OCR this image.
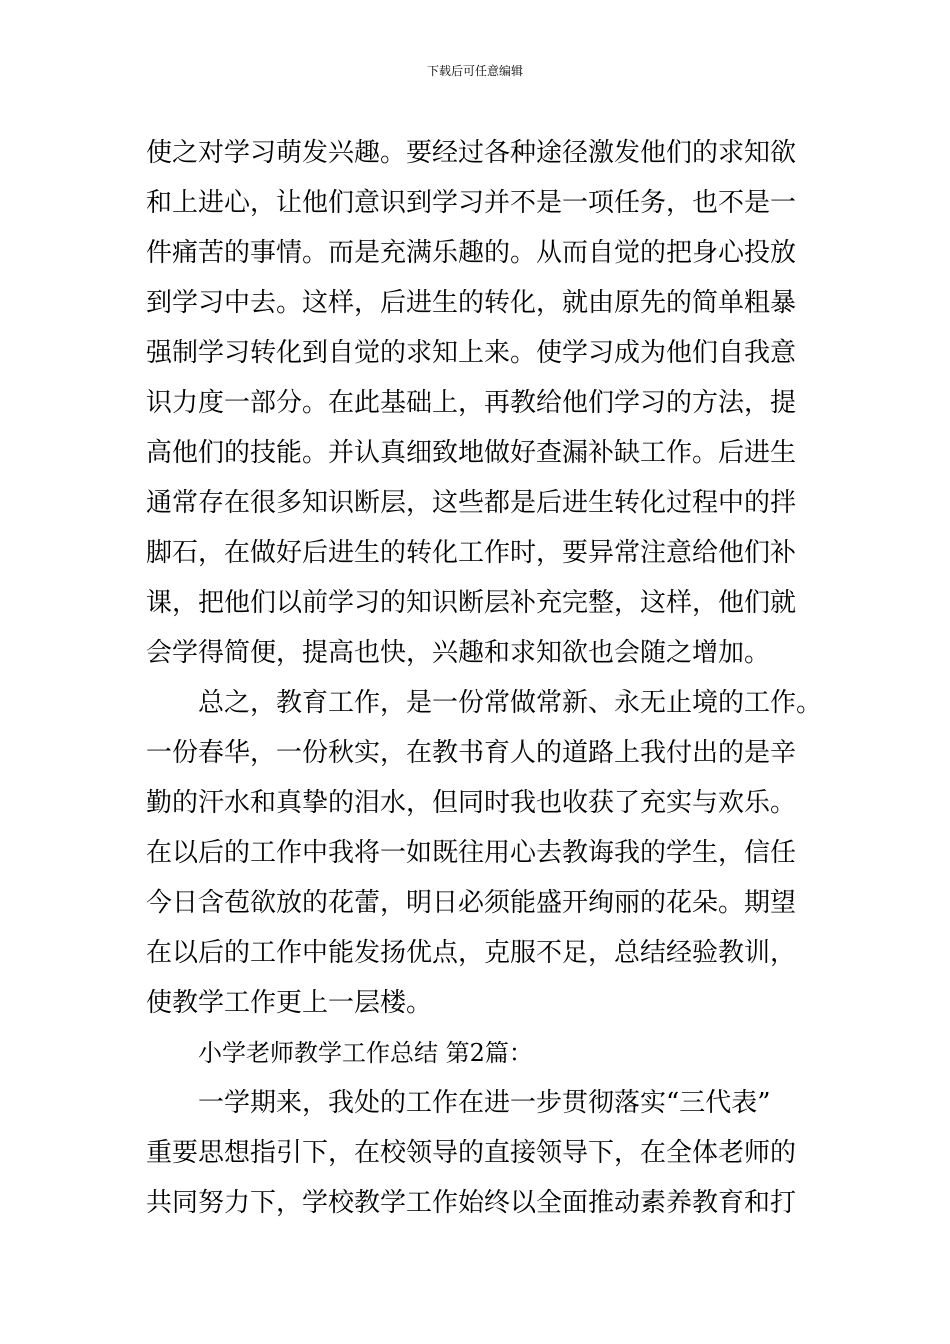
下载后可任意编辑
使之对学习萌发兴趣。要经过各种途径激发他们的求知欲
和上进心，让他们意识到学习并不是一项任务，也不是一
件痛苦的事情。而是充满乐趣的。从而自觉的把身心投放
到学习中去。这样，后进生的转化，就由原先的简单粗暴
强制学习转化到自觉的求知上来。使学习成为他们自我意
识力度一部分。在此基础上，再教给他们学习的方法，提
高他们的技能。并认真细致地做好查漏补缺工作。后进生
通常存在很多知识断层，这些都是后进生转化过程中的拌
脚石，在做好后进生的转化工作时，要异常注意给他们补
课，把他们以前学习的知识断层补充完整，这样，他们就
会学得简便，提高也快，兴趣和求知欲也会随之增加。
总之，教育工作，是一份常做常新、永无止境的工作。
一份春华，一份秋实，在教书育人的道路上我付出的是辛
勤的汗水和真挚的泪水，但同时我也收获了充实与欢乐。
在以后的工作中我将一如既往用心去教诲我的学生，信任
今日含苞欲放的花蕾，明日必须能盛开绚丽的花朵。期望
在以后的工作中能发扬优点，克服不足，总结经验教训，
使教学工作更上一层楼。
小学老师教学工作总结 第2篇：
一学期来，我处的工作在进一步贯彻落实“三代表”
重要思想指引下，在校领导的直接领导下，在全体老师的
共同努力下，学校教学工作始终以全面推动素养教育和打
